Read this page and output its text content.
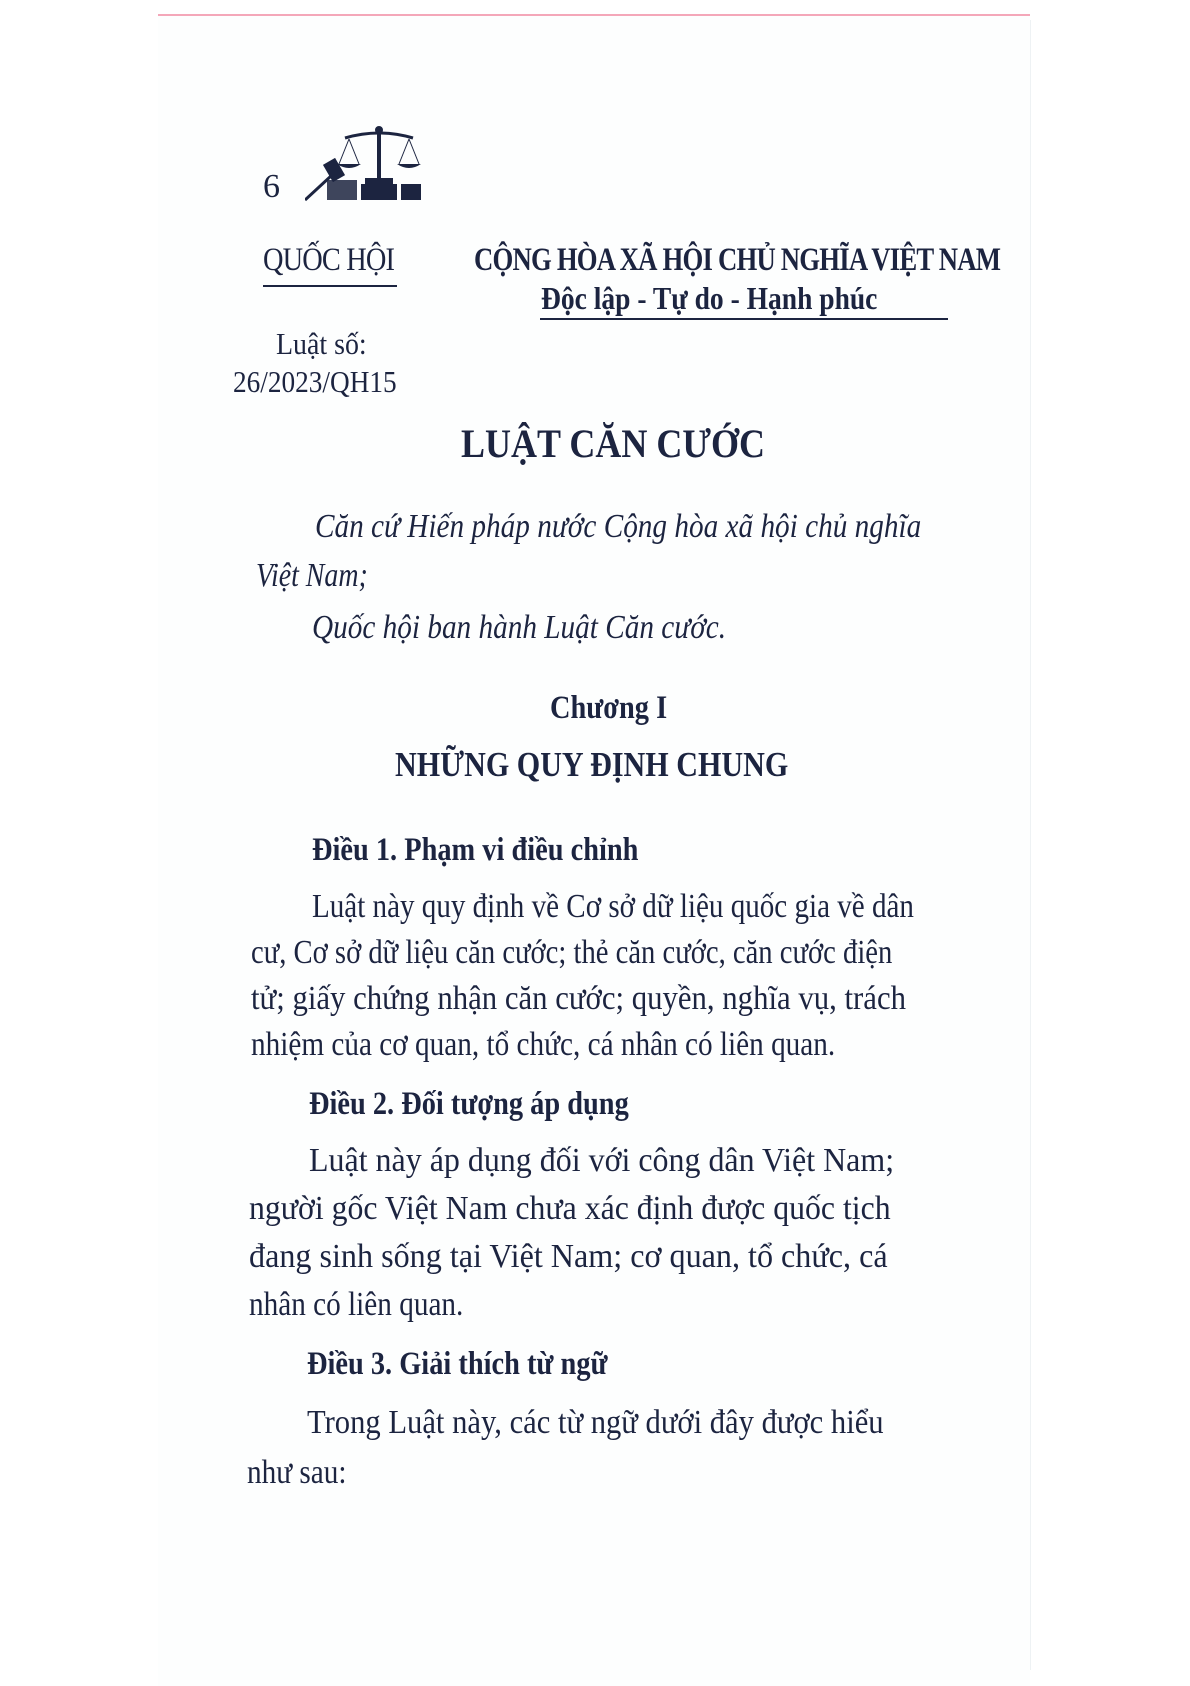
6
QUỐC HỘI CỘNG HÒA XÃ HỘI CHỦ NGHĨA VIỆT NAM
Độc lập - Tự do - Hạnh phúc
Luật số:
26/2023/QH15
LUẬT CĂN CƯỚC
Căn cứ Hiến pháp nước Cộng hòa xã hội chủ nghĩa
Việt Nam;
Quốc hội ban hành Luật Căn cước.
Chương I
NHỮNG QUY ĐỊNH CHUNG
Điều 1. Phạm vi điều chỉnh
Luật này quy định về Cơ sở dữ liệu quốc gia về dân
cư, Cơ sở dữ liệu căn cước; thẻ căn cước, căn cước điện
tử; giấy chứng nhận căn cước; quyền, nghĩa vụ, trách
nhiệm của cơ quan, tổ chức, cá nhân có liên quan.
Điều 2. Đối tượng áp dụng
Luật này áp dụng đối với công dân Việt Nam;
người gốc Việt Nam chưa xác định được quốc tịch
đang sinh sống tại Việt Nam; cơ quan, tổ chức, cá
nhân có liên quan.
Điều 3. Giải thích từ ngữ
Trong Luật này, các từ ngữ dưới đây được hiểu
như sau:
